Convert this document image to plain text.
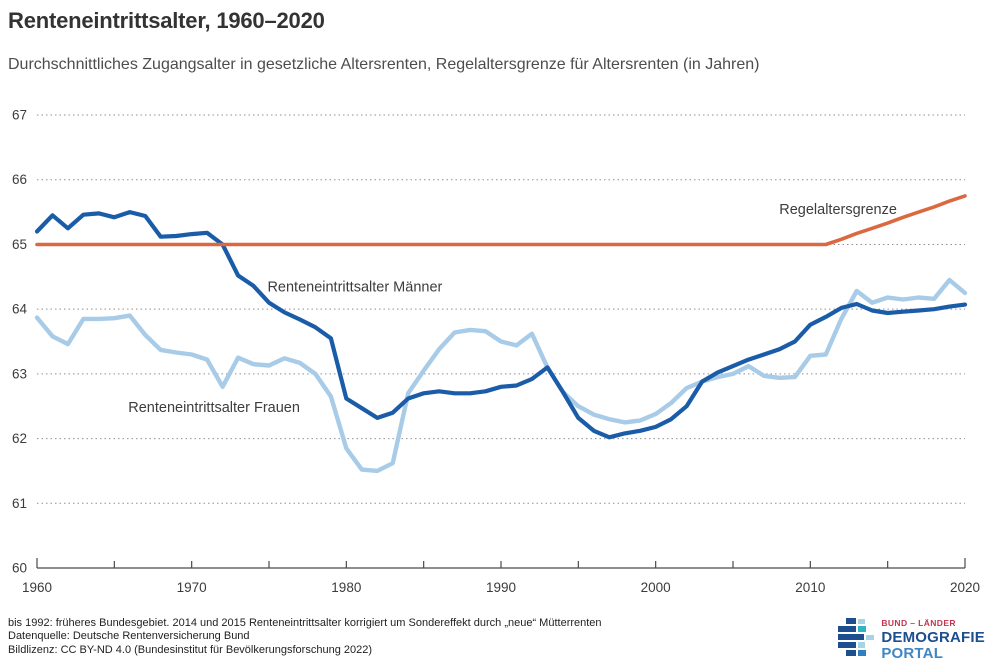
Renteneintrittsalter, 1960–2020

Durchschnittliches Zugangsalter in gesetzliche Altersrenten, Regelaltersgrenze für Altersrenten (in Jahren)

60
61
62
63
64
65
66
67
1960	1970	1980	1990	2000	2010	2020
Regelaltersgrenze
Renteneintrittsalter Männer
Renteneintrittsalter Frauen
bis 1992: früheres Bundesgebiet. 2014 und 2015 Renteneintrittsalter korrigiert um Sondereffekt durch „neue“ Mütterrenten
Datenquelle: Deutsche Rentenversicherung Bund
Bildlizenz: CC BY-ND 4.0 (Bundesinstitut für Bevölkerungsforschung 2022)
BUND – LÄNDER
DEMOGRAFIE
PORTAL
